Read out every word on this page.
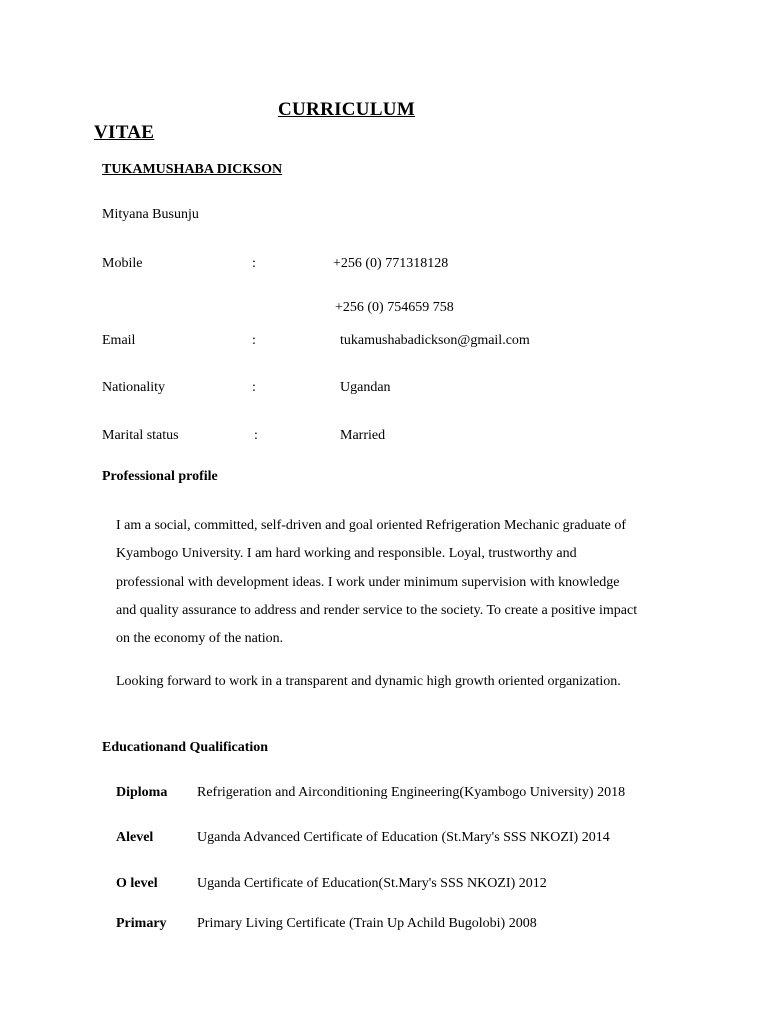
CURRICULUM
VITAE
TUKAMUSHABA DICKSON
Mityana Busunju
Mobile	:	+256 (0) 771318128
+256 (0) 754659 758
Email	:	tukamushabadickson@gmail.com
Nationality	:	Ugandan
Marital status	:	Married
Professional profile
I am a social, committed, self-driven and goal oriented Refrigeration Mechanic graduate of
Kyambogo University. I am hard working and responsible. Loyal, trustworthy and
professional with development ideas. I work under minimum supervision with knowledge
and quality assurance to address and render service to the society. To create a positive impact
on the economy of the nation.
Looking forward to work in a transparent and dynamic high growth oriented organization.
Educationand Qualification
Diploma Refrigeration and Airconditioning Engineering(Kyambogo University) 2018
Alevel	Uganda Advanced Certificate of Education (St.Mary's SSS NKOZI) 2014
O level	Uganda Certificate of Education(St.Mary's SSS NKOZI) 2012
Primary Primary Living Certificate (Train Up Achild Bugolobi) 2008
